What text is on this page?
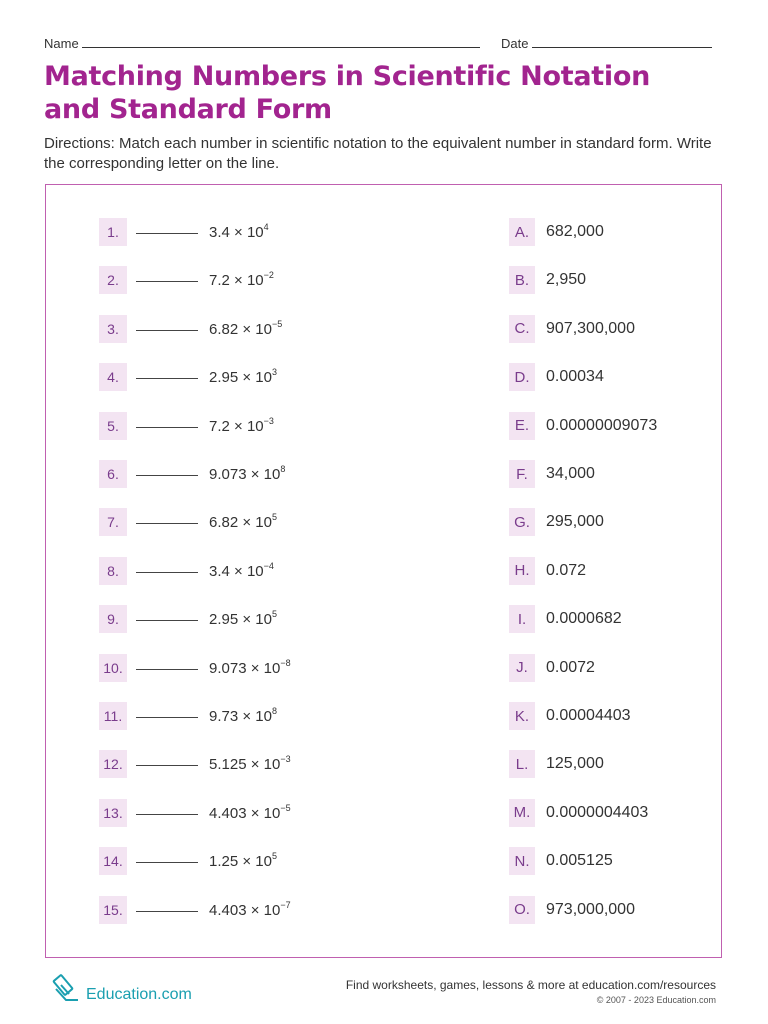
Name	Date
Matching Numbers in Scientific Notation
and Standard Form

Directions: Match each number in scientific notation to the equivalent number in standard form. Write the corresponding letter on the line.

1.	$3.4 \times 10^4$
2.	$7.2 \times 10^{-2}$
3.	$6.82 \times 10^{-5}$
4.	$2.95 \times 10^3$
5.	$7.2 \times 10^{-3}$
6.	$9.073 \times 10^8$
7.	$6.82 \times 10^5$
8.	$3.4 \times 10^{-4}$
9.	$2.95 \times 10^5$
10.	$9.073 \times 10^{-8}$
11.	$9.73 \times 10^8$
12.	$5.125 \times 10^{-3}$
13.	$4.403 \times 10^{-5}$
14.	$1.25 \times 10^5$
15.	$4.403 \times 10^{-7}$
A.	682,000
B.	2,950
C.	907,300,000
D.	0.00034
E.	0.00000009073
F.	34,000
G.	295,000
H.	0.072
I.	0.0000682
J.	0.0072
K.	0.00004403
L.	125,000
M. 0.0000004403
N.	0.005125
O.	973,000,000
Education.com
Find worksheets, games, lessons & more at education.com/resources
© 2007 - 2023 Education.com
